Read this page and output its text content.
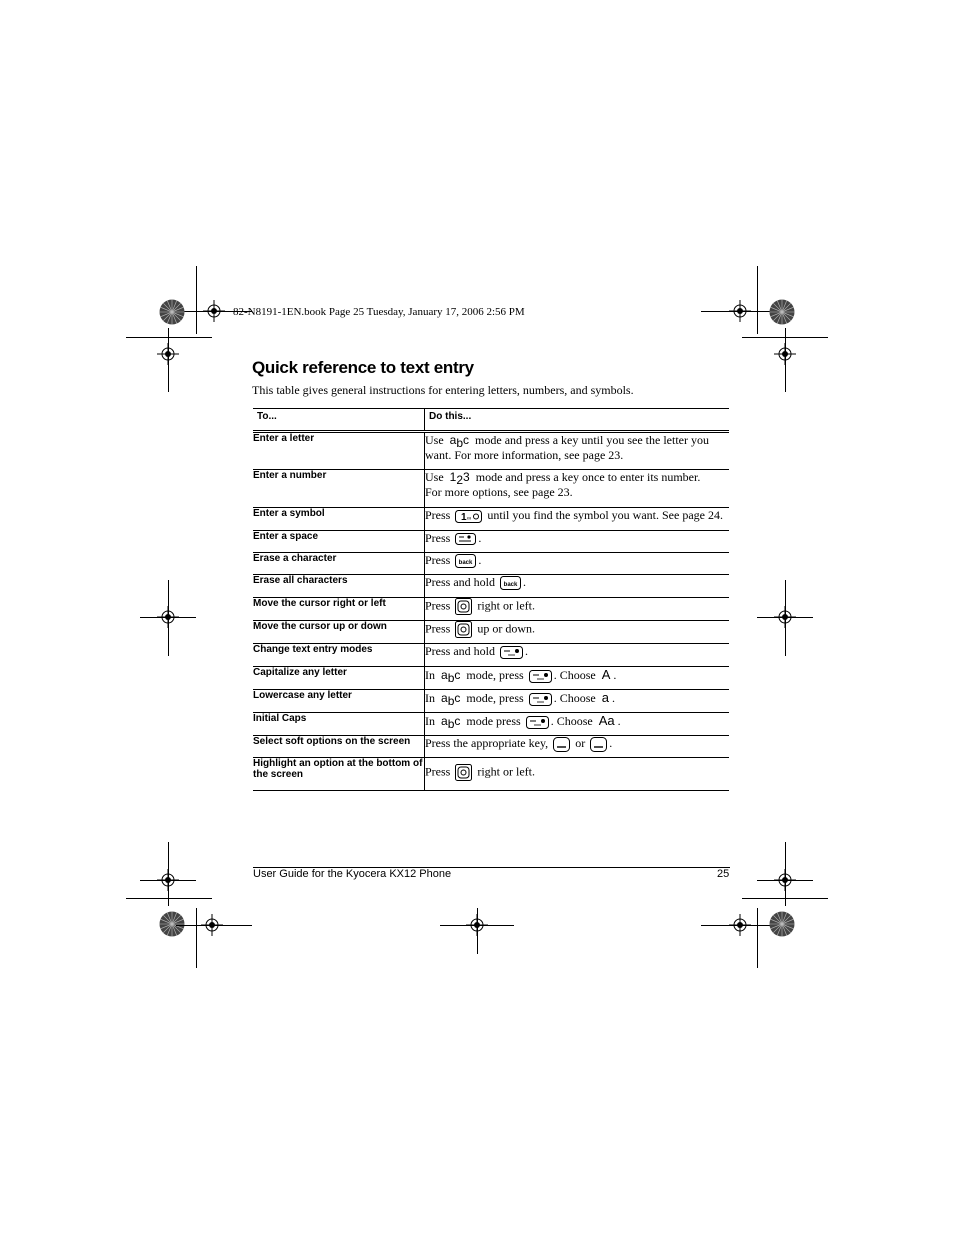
82-N8191-1EN.book Page 25 Tuesday, January 17, 2006 2:56 PM
Quick reference to text entry
This table gives general instructions for entering letters, numbers, and symbols.
To...	Do this...
Enter a letter	Use abc mode and press a key until you see the letter you
want. For more information, see page 23.
Enter a number	Use 123 mode and press a key once to enter its number.
For more options, see page 23.
Enter a symbol	Press until you find the symbol you want. See page 24.
Enter a space	Press .
Erase a character	Press .
Erase all characters	Press and hold .
Move the cursor right or left	Press right or left.
Move the cursor up or down	Press up or down.
Change text entry modes	Press and hold .
Capitalize any letter	In abc mode, press . Choose A .
Lowercase any letter	In abc mode, press . Choose a .
Initial Caps	In abc mode press . Choose Aa .
Select soft options on the screen	Press the appropriate key, or .
Highlight an option at the bottom of the screen	Press right or left.
User Guide for the Kyocera KX12 Phone	25
